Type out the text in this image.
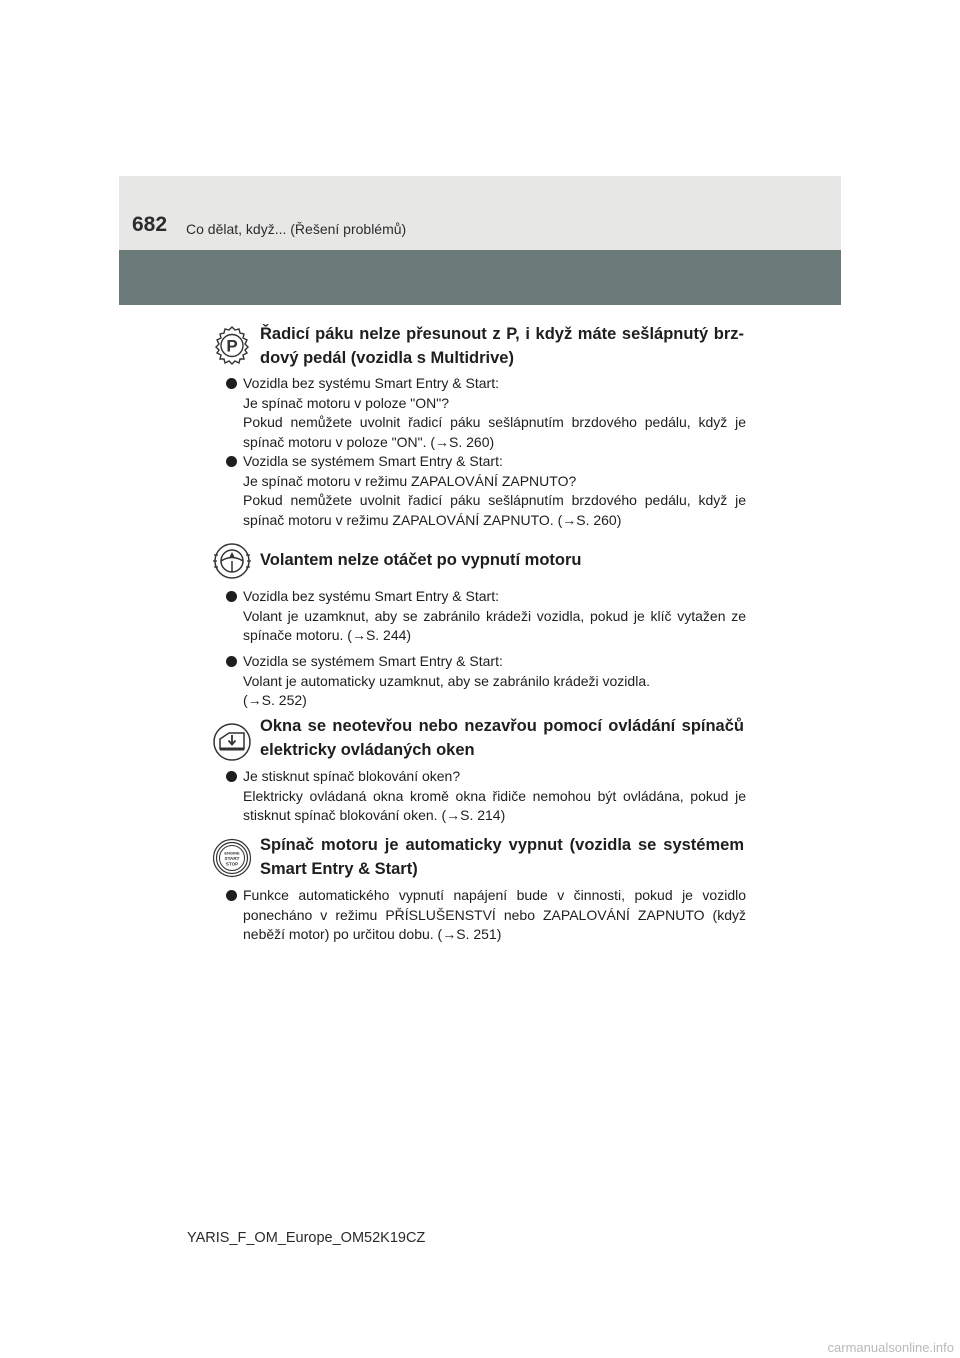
682 Co dělat, když... (Řešení problémů)
P
Řadicí páku nelze přesunout z P, i když máte sešlápnutý brz-dový pedál (vozidla s Multidrive)
Vozidla bez systému Smart Entry & Start:
Je spínač motoru v poloze "ON"?
Pokud nemůžete uvolnit řadicí páku sešlápnutím brzdového pedálu, když je spínač motoru v poloze "ON". (→S. 260)
Vozidla se systémem Smart Entry & Start:
Je spínač motoru v režimu ZAPALOVÁNÍ ZAPNUTO?
Pokud nemůžete uvolnit řadicí páku sešlápnutím brzdového pedálu, když je spínač motoru v režimu ZAPALOVÁNÍ ZAPNUTO. (→S. 260)
Volantem nelze otáčet po vypnutí motoru
Vozidla bez systému Smart Entry & Start:
Volant je uzamknut, aby se zabránilo krádeži vozidla, pokud je klíč vytažen ze spínače motoru. (→S. 244)
Vozidla se systémem Smart Entry & Start:
Volant je automaticky uzamknut, aby se zabránilo krádeži vozidla.
(→S. 252)
Okna se neotevřou nebo nezavřou pomocí ovládání spínačů elektricky ovládaných oken
Je stisknut spínač blokování oken?
Elektricky ovládaná okna kromě okna řidiče nemohou být ovládána, pokud je stisknut spínač blokování oken. (→S. 214)
ENGINE
START
STOP
Spínač motoru je automaticky vypnut (vozidla se systémem Smart Entry & Start)
Funkce automatického vypnutí napájení bude v činnosti, pokud je vozidlo ponecháno v režimu PŘÍSLUŠENSTVÍ nebo ZAPALOVÁNÍ ZAPNUTO (když neběží motor) po určitou dobu. (→S. 251)
YARIS_F_OM_Europe_OM52K19CZ
carmanualsonline.info
